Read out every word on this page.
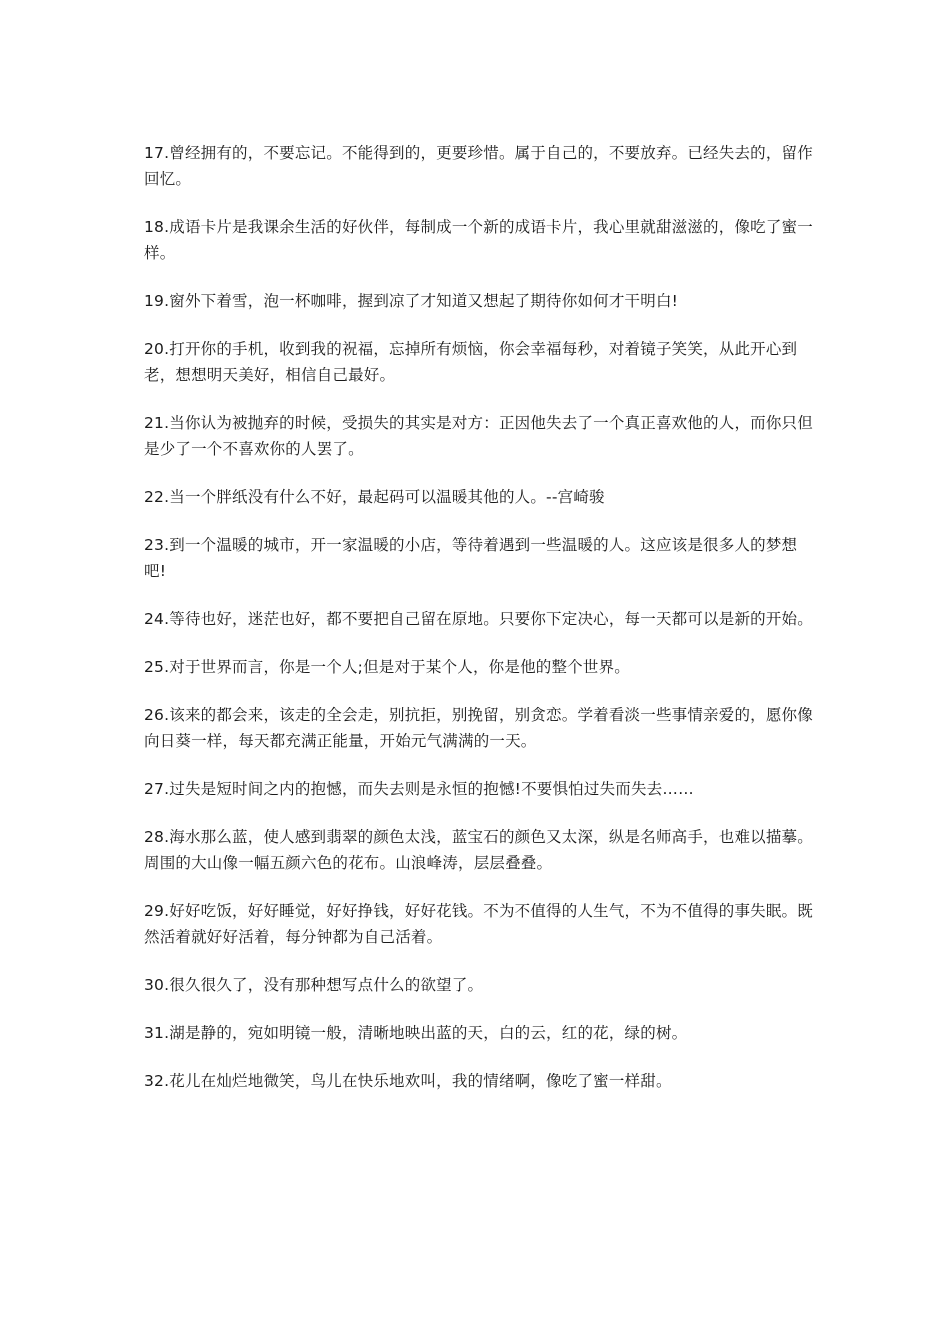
17.曾经拥有的，不要忘记。不能得到的，更要珍惜。属于自己的，不要放弃。已经失去的，留作回忆。

18.成语卡片是我课余生活的好伙伴，每制成一个新的成语卡片，我心里就甜滋滋的，像吃了蜜一样。

19.窗外下着雪，泡一杯咖啡，握到凉了才知道又想起了期待你如何才干明白!

20.打开你的手机，收到我的祝福，忘掉所有烦恼，你会幸福每秒，对着镜子笑笑，从此开心到老，想想明天美好，相信自己最好。

21.当你认为被抛弃的时候，受损失的其实是对方：正因他失去了一个真正喜欢他的人，而你只但是少了一个不喜欢你的人罢了。

22.当一个胖纸没有什么不好，最起码可以温暖其他的人。--宫崎骏

23.到一个温暖的城市，开一家温暖的小店，等待着遇到一些温暖的人。这应该是很多人的梦想吧!

24.等待也好，迷茫也好，都不要把自己留在原地。只要你下定决心，每一天都可以是新的开始。

25.对于世界而言，你是一个人;但是对于某个人，你是他的整个世界。

26.该来的都会来，该走的全会走，别抗拒，别挽留，别贪恋。学着看淡一些事情亲爱的，愿你像向日葵一样，每天都充满正能量，开始元气满满的一天。

27.过失是短时间之内的抱憾，而失去则是永恒的抱憾!不要惧怕过失而失去……

28.海水那么蓝，使人感到翡翠的颜色太浅，蓝宝石的颜色又太深，纵是名师高手，也难以描摹。周围的大山像一幅五颜六色的花布。山浪峰涛，层层叠叠。

29.好好吃饭，好好睡觉，好好挣钱，好好花钱。不为不值得的人生气，不为不值得的事失眠。既然活着就好好活着，每分钟都为自己活着。

30.很久很久了，没有那种想写点什么的欲望了。

31.湖是静的，宛如明镜一般，清晰地映出蓝的天，白的云，红的花，绿的树。

32.花儿在灿烂地微笑，鸟儿在快乐地欢叫，我的情绪啊，像吃了蜜一样甜。
